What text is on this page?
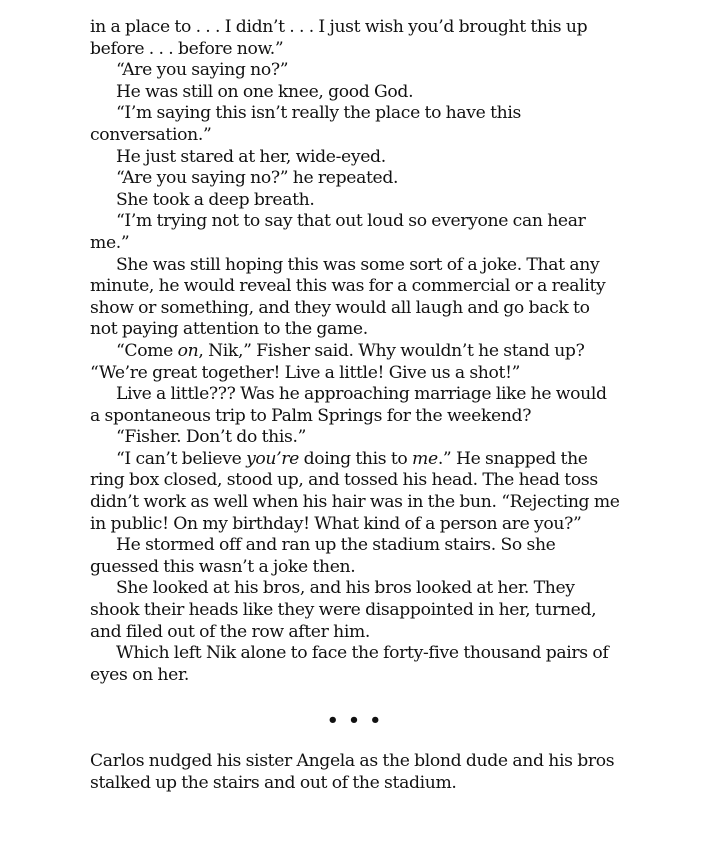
in a place to . . . I didn’t . . . I just wish you’d brought this up before . . . before now.”

“Are you saying no?”

He was still on one knee, good God.

“I’m saying this isn’t really the place to have this conversation.”

He just stared at her, wide-eyed.

“Are you saying no?” he repeated.

She took a deep breath.

“I’m trying not to say that out loud so everyone can hear me.”

She was still hoping this was some sort of a joke. That any minute, he would reveal this was for a commercial or a reality show or something, and they would all laugh and go back to not paying attention to the game.

“Come on, Nik,” Fisher said. Why wouldn’t he stand up? “We’re great together! Live a little! Give us a shot!”

Live a little??? Was he approaching marriage like he would a spontaneous trip to Palm Springs for the weekend?

“Fisher. Don’t do this.”

“I can’t believe you’re doing this to me.” He snapped the ring box closed, stood up, and tossed his head. The head toss didn’t work as well when his hair was in the bun. “Rejecting me in public! On my birthday! What kind of a person are you?”

He stormed off and ran up the stadium stairs. So she guessed this wasn’t a joke then.

She looked at his bros, and his bros looked at her. They shook their heads like they were disappointed in her, turned, and filed out of the row after him.

Which left Nik alone to face the forty-five thousand pairs of eyes on her.

• • •

Carlos nudged his sister Angela as the blond dude and his bros stalked up the stairs and out of the stadium.
